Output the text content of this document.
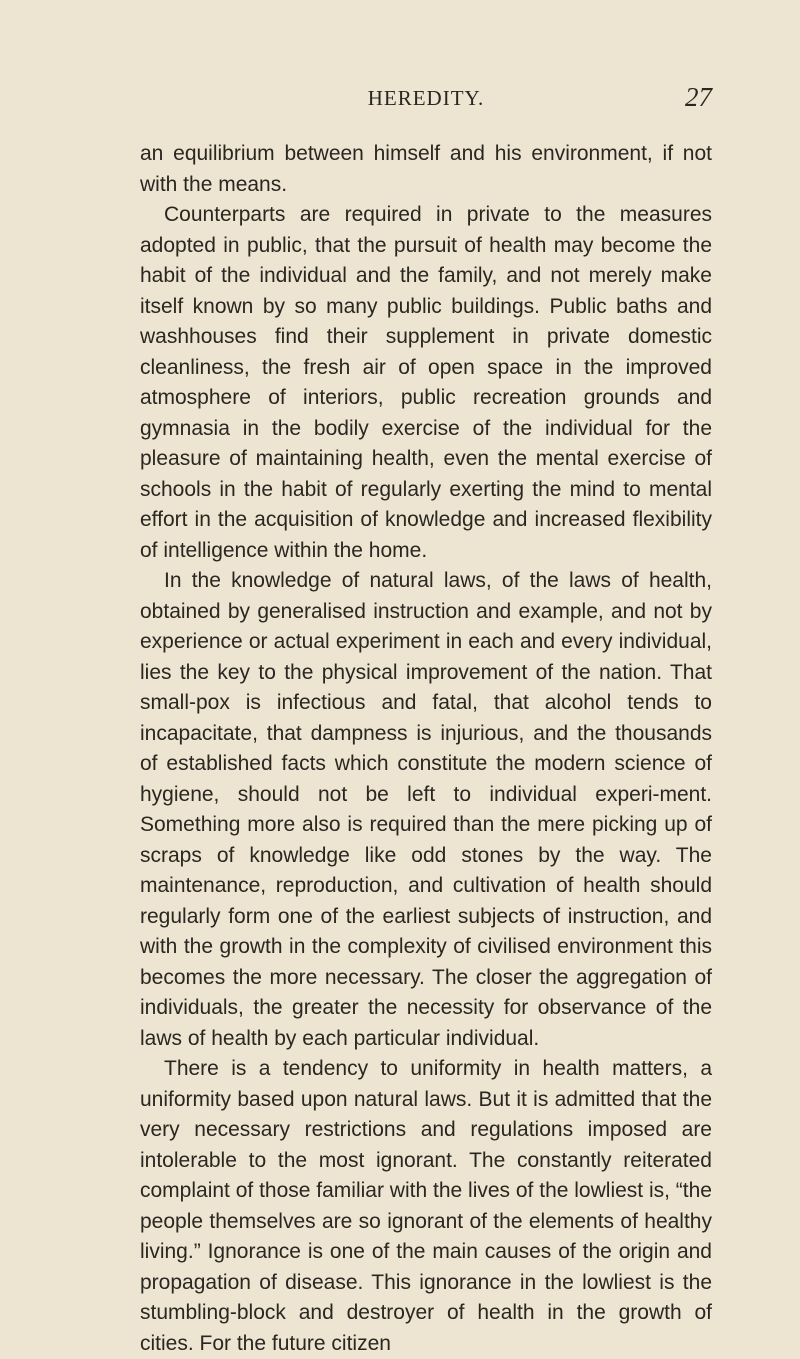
HEREDITY.	27

an equilibrium between himself and his environment, if not with the means.

Counterparts are required in private to the measures adopted in public, that the pursuit of health may become the habit of the individual and the family, and not merely make itself known by so many public buildings. Public baths and washhouses find their supplement in private domestic cleanliness, the fresh air of open space in the improved atmosphere of interiors, public recreation grounds and gymnasia in the bodily exercise of the individual for the pleasure of maintaining health, even the mental exercise of schools in the habit of regularly exerting the mind to mental effort in the acquisition of knowledge and increased flexibility of intelligence within the home.

In the knowledge of natural laws, of the laws of health, obtained by generalised instruction and example, and not by experience or actual experiment in each and every individual, lies the key to the physical improvement of the nation. That small-pox is infectious and fatal, that alcohol tends to incapacitate, that dampness is injurious, and the thousands of established facts which constitute the modern science of hygiene, should not be left to individual experi-ment. Something more also is required than the mere picking up of scraps of knowledge like odd stones by the way. The maintenance, reproduction, and cultivation of health should regularly form one of the earliest subjects of instruction, and with the growth in the complexity of civilised environment this becomes the more necessary. The closer the aggregation of individuals, the greater the necessity for observance of the laws of health by each particular individual.

There is a tendency to uniformity in health matters, a uniformity based upon natural laws. But it is admitted that the very necessary restrictions and regulations imposed are intolerable to the most ignorant. The constantly reiterated complaint of those familiar with the lives of the lowliest is, “the people themselves are so ignorant of the elements of healthy living.” Ignorance is one of the main causes of the origin and propagation of disease. This ignorance in the lowliest is the stumbling-block and destroyer of health in the growth of cities. For the future citizen
